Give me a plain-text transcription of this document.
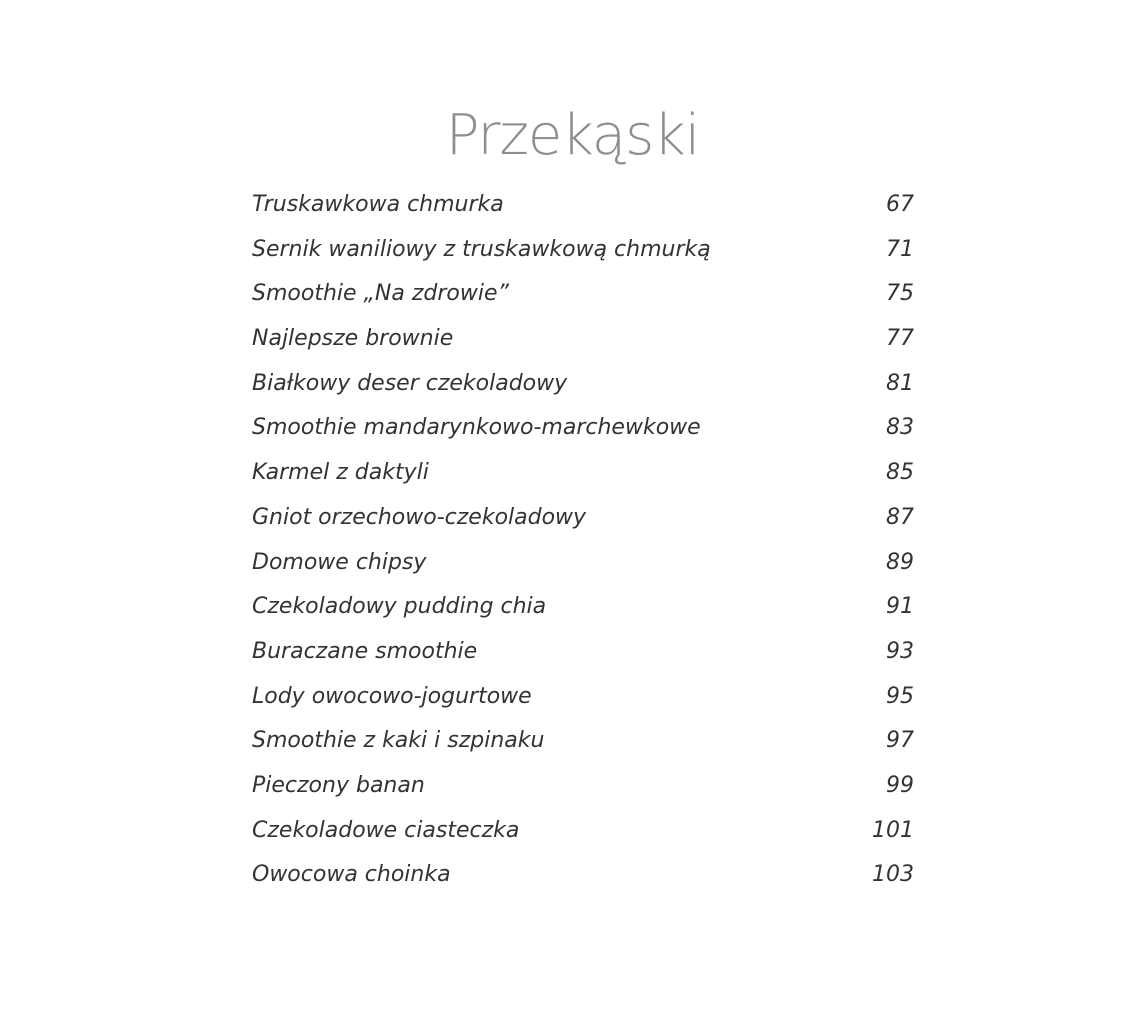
Przekąski
Truskawkowa chmurka	67
Sernik waniliowy z truskawkową chmurką	71
Smoothie „Na zdrowie”	75
Najlepsze brownie	77
Białkowy deser czekoladowy	81
Smoothie mandarynkowo-marchewkowe	83
Karmel z daktyli	85
Gniot orzechowo-czekoladowy	87
Domowe chipsy	89
Czekoladowy pudding chia	91
Buraczane smoothie	93
Lody owocowo-jogurtowe	95
Smoothie z kaki i szpinaku	97
Pieczony banan	99
Czekoladowe ciasteczka	101
Owocowa choinka	103
